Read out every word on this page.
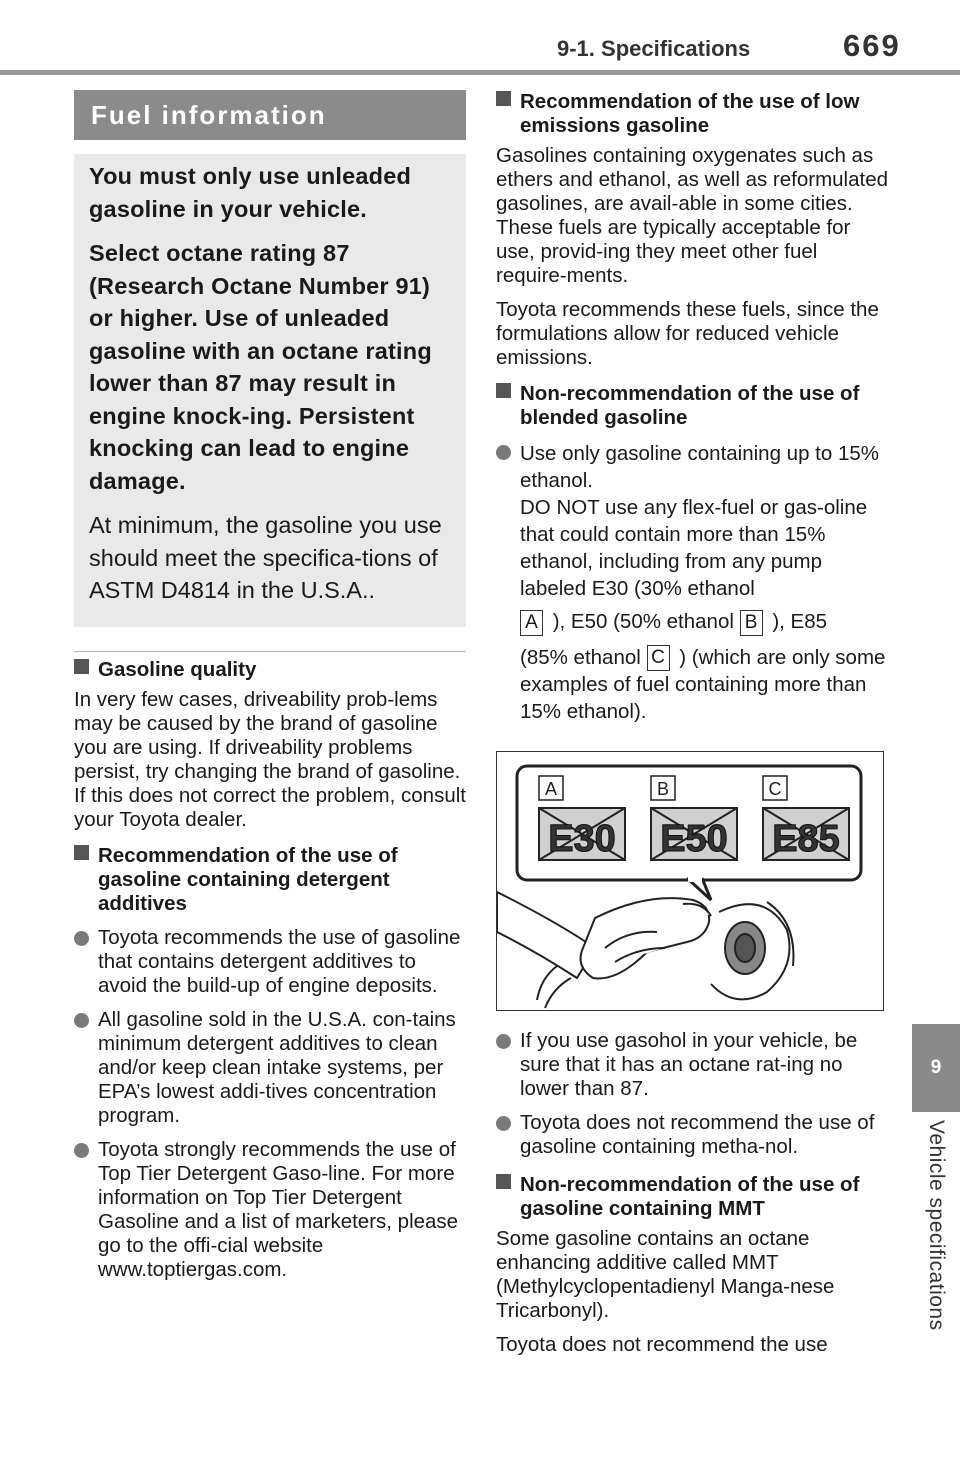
9-1. Specifications	669
9
Vehicle specifications
Fuel information

You must only use unleaded gasoline in your vehicle.

Select octane rating 87 (Research Octane Number 91) or higher. Use of unleaded gasoline with an octane rating lower than 87 may result in engine knock-ing. Persistent knocking can lead to engine damage.

At minimum, the gasoline you use should meet the specifica-tions of ASTM D4814 in the U.S.A..

Gasoline quality
In very few cases, driveability prob-lems may be caused by the brand of gasoline you are using. If driveability problems persist, try changing the brand of gasoline. If this does not correct the problem, consult your Toyota dealer.
Recommendation of the use of gasoline containing detergent additives
Toyota recommends the use of gasoline that contains detergent additives to avoid the build-up of engine deposits.
All gasoline sold in the U.S.A. con-tains minimum detergent additives to clean and/or keep clean intake systems, per EPA’s lowest addi-tives concentration program.
Toyota strongly recommends the use of Top Tier Detergent Gaso-line. For more information on Top Tier Detergent Gasoline and a list of marketers, please go to the offi-cial website www.toptiergas.com.
Recommendation of the use of low emissions gasoline
Gasolines containing oxygenates such as ethers and ethanol, as well as reformulated gasolines, are avail-able in some cities. These fuels are typically acceptable for use, provid-ing they meet other fuel require-ments.
Toyota recommends these fuels, since the formulations allow for reduced vehicle emissions.
Non-recommendation of the use of blended gasoline
Use only gasoline containing up to 15% ethanol.
DO NOT use any flex-fuel or gas-oline that could contain more than 15% ethanol, including from any pump labeled E30 (30% ethanol
A ), E50 (50% ethanol B ), E85
(85% ethanol C ) (which are only some examples of fuel containing more than 15% ethanol).
A	B	C
E30 E50 E85
If you use gasohol in your vehicle, be sure that it has an octane rat-ing no lower than 87.
Toyota does not recommend the use of gasoline containing metha-nol.
Non-recommendation of the use of gasoline containing MMT
Some gasoline contains an octane enhancing additive called MMT (Methylcyclopentadienyl Manga-nese Tricarbonyl).
Toyota does not recommend the use
